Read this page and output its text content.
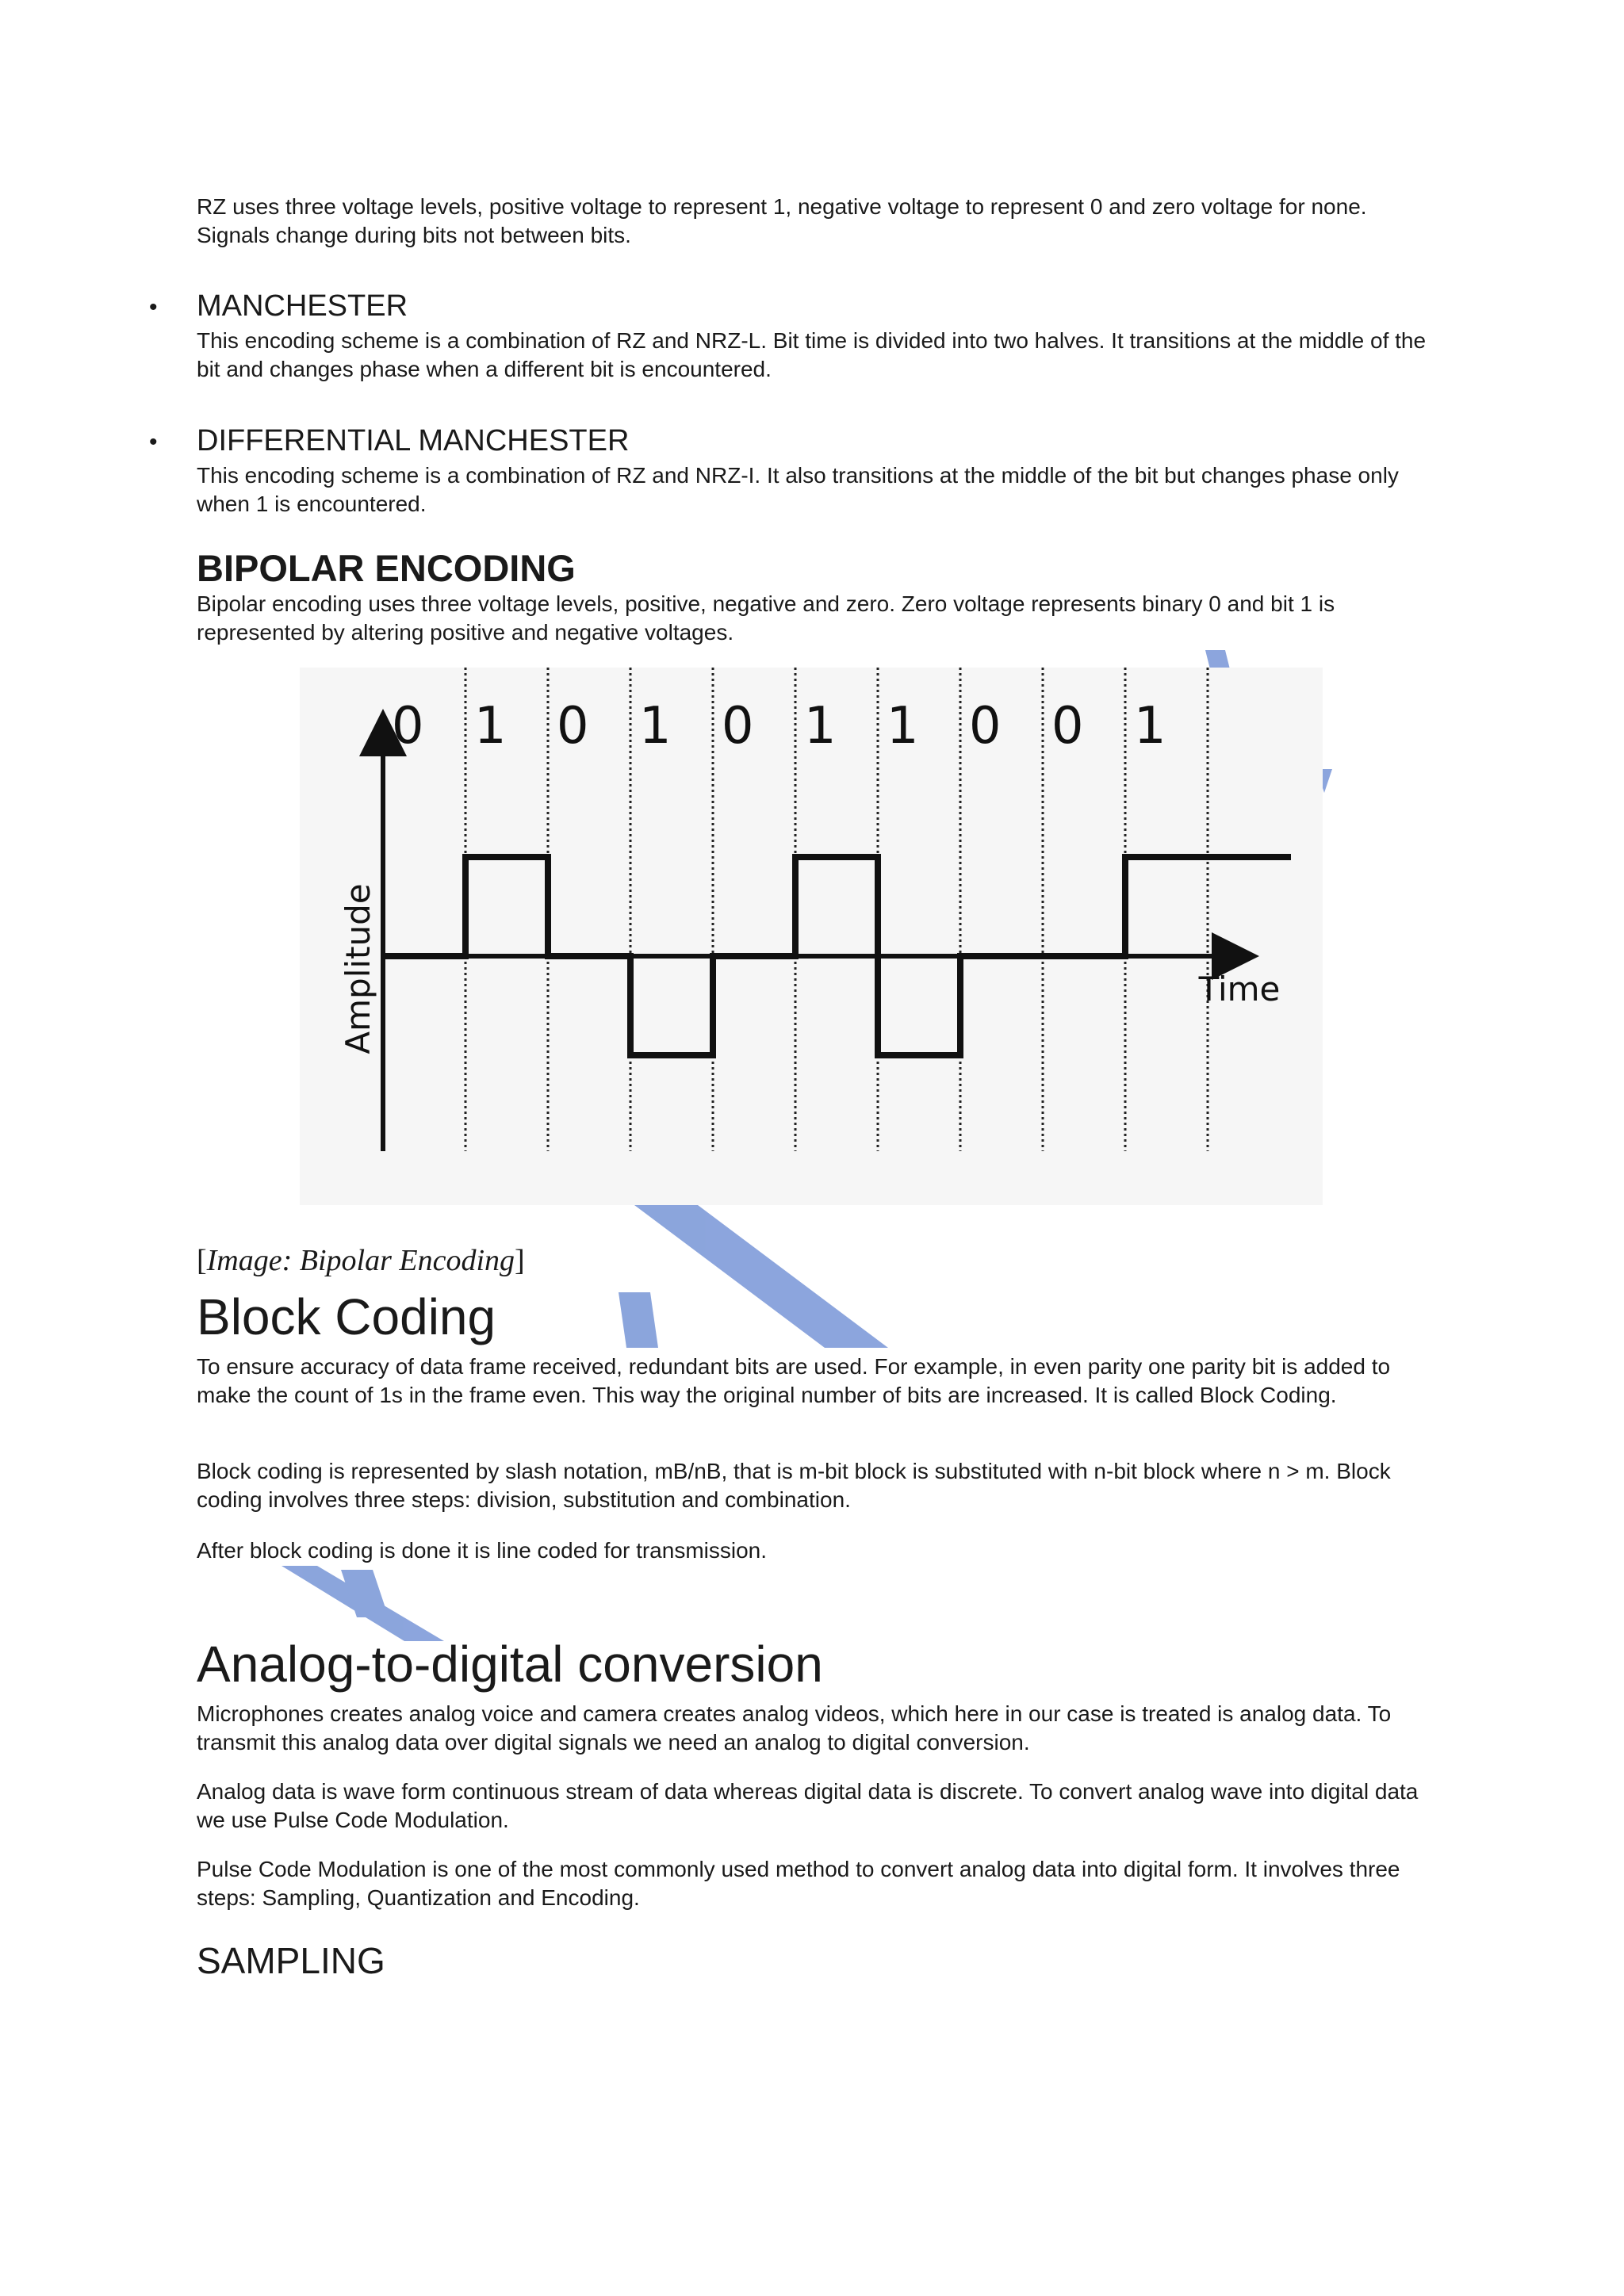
RZ uses three voltage levels, positive voltage to represent 1, negative voltage to represent 0 and zero voltage for none. Signals change during bits not between bits.

• MANCHESTER

This encoding scheme is a combination of RZ and NRZ-L. Bit time is divided into two halves. It transitions at the middle of the bit and changes phase when a different bit is encountered.

• DIFFERENTIAL MANCHESTER

This encoding scheme is a combination of RZ and NRZ-I. It also transitions at the middle of the bit but changes phase only when 1 is encountered.

BIPOLAR ENCODING

Bipolar encoding uses three voltage levels, positive, negative and zero. Zero voltage represents binary 0 and bit 1 is represented by altering positive and negative voltages.

Amplitude	Time
0 1 0 1 0 1 1 0 0 1
[Image: Bipolar Encoding]
Block Coding

To ensure accuracy of data frame received, redundant bits are used. For example, in even parity one parity bit is added to make the count of 1s in the frame even. This way the original number of bits are increased. It is called Block Coding.

Block coding is represented by slash notation, mB/nB, that is m-bit block is substituted with n-bit block where n > m. Block coding involves three steps: division, substitution and combination.

After block coding is done it is line coded for transmission.

Analog-to-digital conversion

Microphones creates analog voice and camera creates analog videos, which here in our case is treated is analog data. To transmit this analog data over digital signals we need an analog to digital conversion.

Analog data is wave form continuous stream of data whereas digital data is discrete. To convert analog wave into digital data we use Pulse Code Modulation.

Pulse Code Modulation is one of the most commonly used method to convert analog data into digital form. It involves three steps: Sampling, Quantization and Encoding.

SAMPLING
